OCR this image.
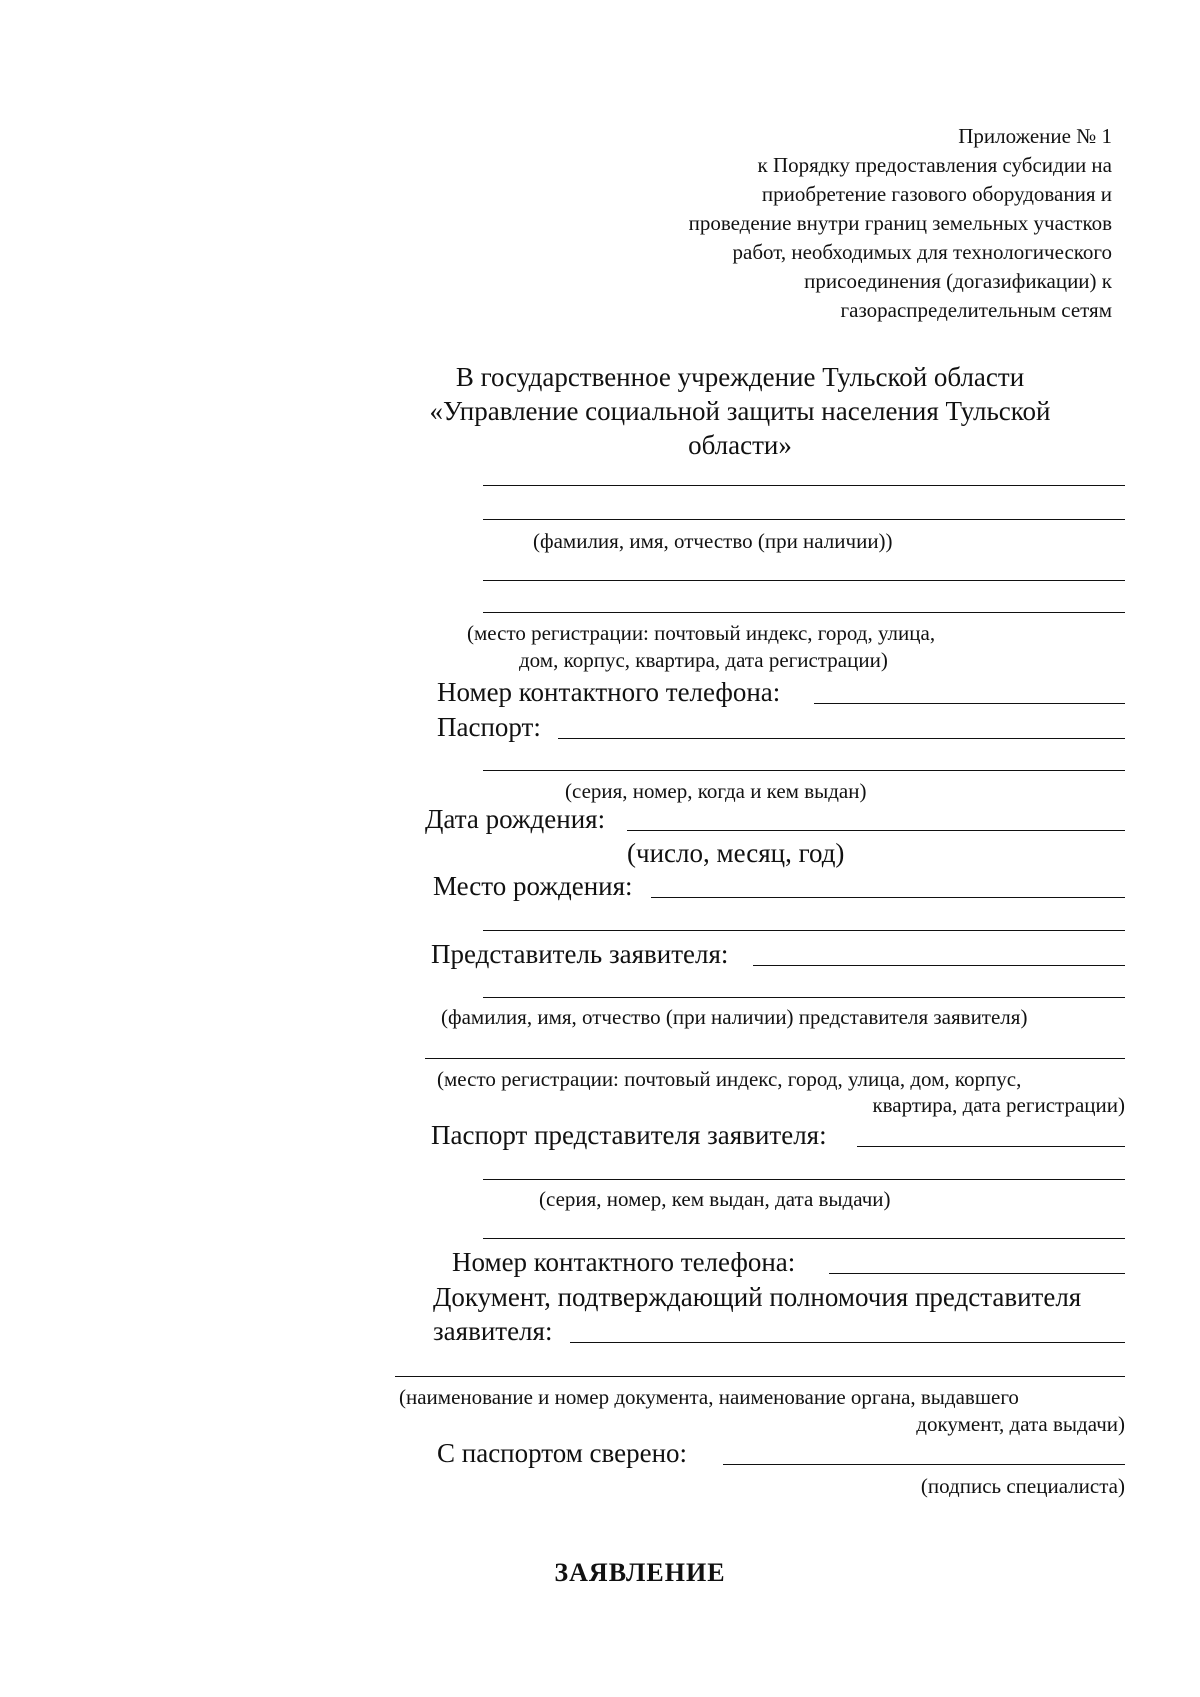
Приложение № 1
к Порядку предоставления субсидии на
приобретение газового оборудования и
проведение внутри границ земельных участков
работ, необходимых для технологического
присоединения (догазификации) к
газораспределительным сетям
В государственное учреждение Тульской области
«Управление социальной защиты населения Тульской
области»
(фамилия, имя, отчество (при наличии))
(место регистрации: почтовый индекс, город, улица,
дом, корпус, квартира, дата регистрации)
Номер контактного телефона:
Паспорт:
(серия, номер, когда и кем выдан)
Дата рождения:
(число, месяц, год)
Место рождения:
Представитель заявителя:
(фамилия, имя, отчество (при наличии) представителя заявителя)
(место регистрации: почтовый индекс, город, улица, дом, корпус,
квартира, дата регистрации)
Паспорт представителя заявителя:
(серия, номер, кем выдан, дата выдачи)
Номер контактного телефона:
Документ, подтверждающий полномочия представителя
заявителя:
(наименование и номер документа, наименование органа, выдавшего
документ, дата выдачи)
С паспортом сверено:
(подпись специалиста)
ЗАЯВЛЕНИЕ
